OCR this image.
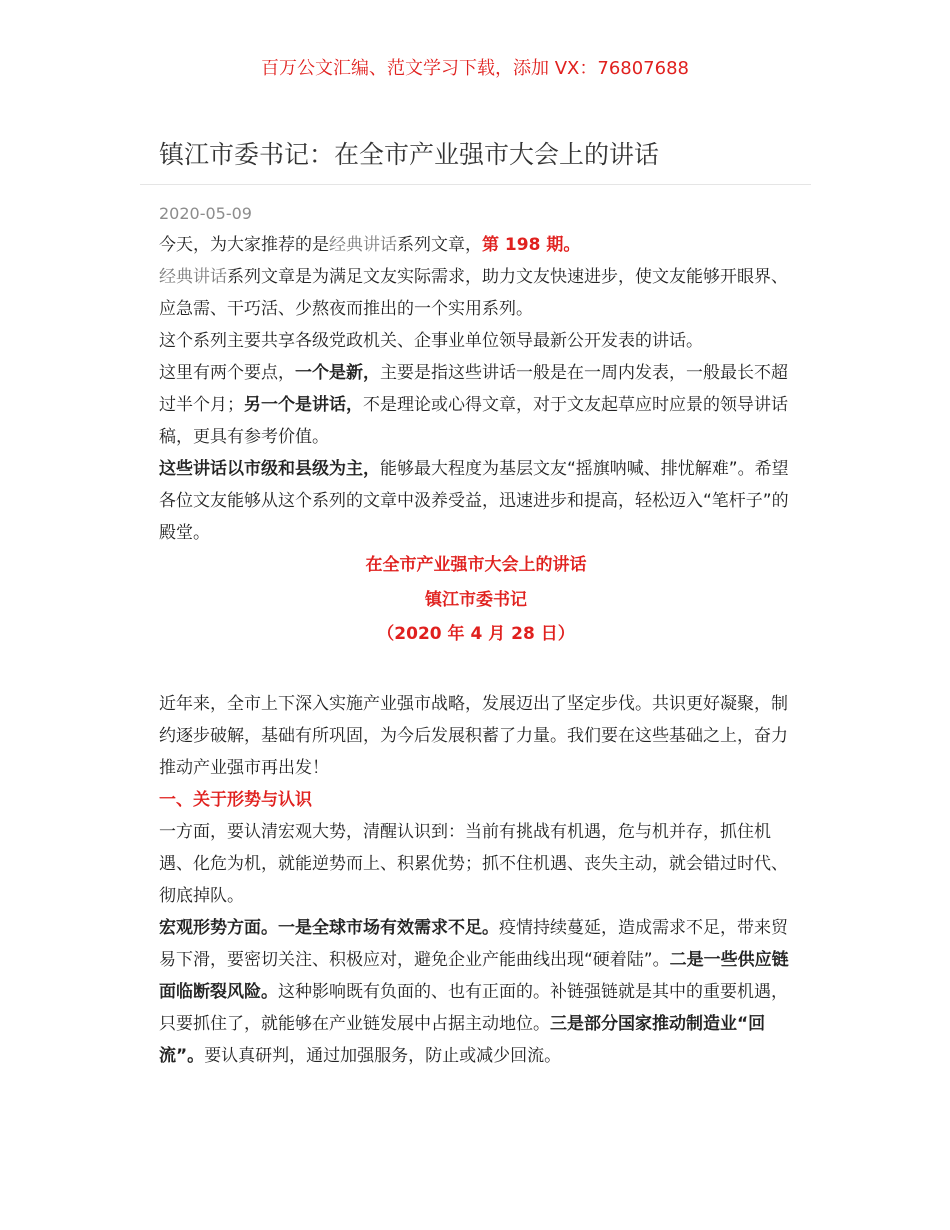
百万公文汇编、范文学习下载，添加 VX：76807688
镇江市委书记：在全市产业强市大会上的讲话
2020-05-09

今天，为大家推荐的是经典讲话系列文章，第 198 期。

经典讲话系列文章是为满足文友实际需求，助力文友快速进步，使文友能够开眼界、应急需、干巧活、少熬夜而推出的一个实用系列。

这个系列主要共享各级党政机关、企事业单位领导最新公开发表的讲话。

这里有两个要点，一个是新，主要是指这些讲话一般是在一周内发表，一般最长不超过半个月；另一个是讲话，不是理论或心得文章，对于文友起草应时应景的领导讲话稿，更具有参考价值。

这些讲话以市级和县级为主，能够最大程度为基层文友“摇旗呐喊、排忧解难”。希望各位文友能够从这个系列的文章中汲养受益，迅速进步和提高，轻松迈入“笔杆子”的殿堂。

在全市产业强市大会上的讲话
镇江市委书记
（2020 年 4 月 28 日）

近年来，全市上下深入实施产业强市战略，发展迈出了坚定步伐。共识更好凝聚，制约逐步破解，基础有所巩固，为今后发展积蓄了力量。我们要在这些基础之上，奋力推动产业强市再出发！

一、关于形势与认识

一方面，要认清宏观大势，清醒认识到：当前有挑战有机遇，危与机并存，抓住机遇、化危为机，就能逆势而上、积累优势；抓不住机遇、丧失主动，就会错过时代、彻底掉队。

宏观形势方面。一是全球市场有效需求不足。疫情持续蔓延，造成需求不足，带来贸易下滑，要密切关注、积极应对，避免企业产能曲线出现“硬着陆”。二是一些供应链面临断裂风险。这种影响既有负面的、也有正面的。补链强链就是其中的重要机遇，只要抓住了，就能够在产业链发展中占据主动地位。三是部分国家推动制造业“回流”。要认真研判，通过加强服务，防止或减少回流。
